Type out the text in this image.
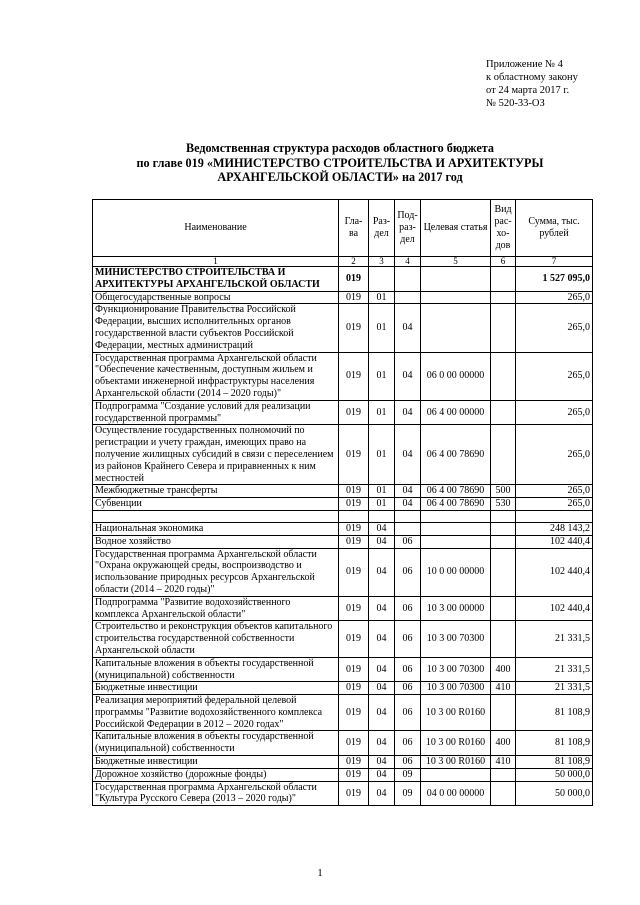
Приложение № 4
к областному закону
от 24 марта 2017 г.
№ 520-33-ОЗ
Ведомственная структура расходов областного бюджета
по главе 019 «МИНИСТЕРСТВО СТРОИТЕЛЬСТВА И АРХИТЕКТУРЫ
АРХАНГЕЛЬСКОЙ ОБЛАСТИ» на 2017 год
Наименование	Гла-ва	Раз-дел	Под-раз-дел	Целевая статья	Вид рас-хо-дов	Сумма, тыс. рублей
1	2	3	4	5	6	7
МИНИСТЕРСТВО СТРОИТЕЛЬСТВА И АРХИТЕКТУРЫ АРХАНГЕЛЬСКОЙ ОБЛАСТИ	019					1 527 095,0
Общегосударственные вопросы	019	01				265,0
Функционирование Правительства Российской Федерации, высших исполнительных органов государственной власти субъектов Российской Федерации, местных администраций	019	01	04			265,0
Государственная программа Архангельской области "Обеспечение качественным, доступным жильем и объектами инженерной инфраструктуры населения Архангельской области (2014 – 2020 годы)"	019	01	04	06 0 00 00000		265,0
Подпрограмма "Создание условий для реализации государственной программы"	019	01	04	06 4 00 00000		265,0
Осуществление государственных полномочий по регистрации и учету граждан, имеющих право на получение жилищных субсидий в связи с переселением из районов Крайнего Севера и приравненных к ним местностей	019	01	04	06 4 00 78690		265,0
Межбюджетные трансферты	019	01	04	06 4 00 78690	500	265,0
Субвенции	019	01	04	06 4 00 78690	530	265,0

Национальная экономика	019	04				248 143,2
Водное хозяйство	019	04	06			102 440,4
Государственная программа Архангельской области "Охрана окружающей среды, воспроизводство и использование природных ресурсов Архангельской области (2014 – 2020 годы)"	019	04	06	10 0 00 00000		102 440,4
Подпрограмма "Развитие водохозяйственного комплекса Архангельской области"	019	04	06	10 3 00 00000		102 440,4
Строительство и реконструкция объектов капитального строительства государственной собственности Архангельской области	019	04	06	10 3 00 70300		21 331,5
Капитальные вложения в объекты государственной (муниципальной) собственности	019	04	06	10 3 00 70300	400	21 331,5
Бюджетные инвестиции	019	04	06	10 3 00 70300	410	21 331,5
Реализация мероприятий федеральной целевой программы "Развитие водохозяйственного комплекса Российской Федерации в 2012 – 2020 годах"	019	04	06	10 3 00 R0160		81 108,9
Капитальные вложения в объекты государственной (муниципальной) собственности	019	04	06	10 3 00 R0160	400	81 108,9
Бюджетные инвестиции	019	04	06	10 3 00 R0160	410	81 108,9
Дорожное хозяйство (дорожные фонды)	019	04	09			50 000,0
Государственная программа Архангельской области "Культура Русского Севера (2013 – 2020 годы)"	019	04	09	04 0 00 00000		50 000,0
1
